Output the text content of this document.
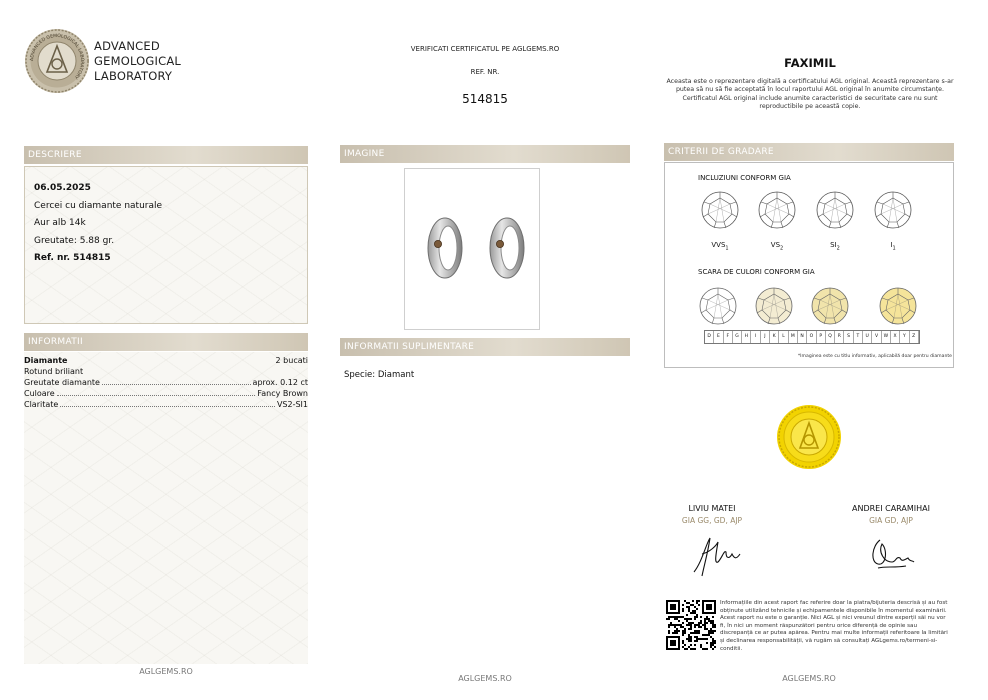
ADVANCED GEMOLOGICAL LABORATORY
ADVANCED
GEMOLOGICAL
LABORATORY
VERIFICATI CERTIFICATUL PE AGLGEMS.RO
REF. NR.
514815
FAXIMIL
Aceasta este o reprezentare digitală a certificatului AGL original. Această reprezentare s-ar putea să nu să fie acceptată în locul raportului AGL original în anumite circumstanțe. Certificatul AGL original include anumite caracteristici de securitate care nu sunt reproductibile pe această copie.
DESCRIERE
06.05.2025
Cercei cu diamante naturale
Aur alb 14k
Greutate: 5.88 gr.
Ref. nr. 514815
INFORMATII
Diamante	2 bucati
Rotund briliant
Greutate diamante	aprox. 0.12 ct
Culoare	Fancy Brown
Claritate	VS2-SI1
AGLGEMS.RO
IMAGINE
INFORMATII SUPLIMENTARE
Specie: Diamant
AGLGEMS.RO
CRITERII DE GRADARE
INCLUZIUNI CONFORM GIA
$VVS_1$	$VS_2$	$SI_2$	$I_1$
SCARA DE CULORI CONFORM GIA
D	E	F	G	H	I	J	K	L	M	N	O	P	Q	R	S	T	U	V	W	X	Y	Z
*Imaginea este cu titlu informativ, aplicabilă doar pentru diamante
LIVIU MATEI
GIA GG, GD, AJP
ANDREI CARAMIHAI
GIA GD, AJP
Informațiile din acest raport fac referire doar la piatra/bijuteria descrisă și au fost obținute utilizând tehnicile și echipamentele disponibile în momentul examinării. Acest raport nu este o garanție. Nici AGL și nici vreunul dintre experții săi nu vor fi, în nici un moment răspunzători pentru orice diferență de opinie sau discrepanță ce ar putea apărea. Pentru mai multe informații referitoare la limitări și declinarea responsabilității, vă rugăm să consultați AGLgems.ro/termeni-si-conditii.
AGLGEMS.RO
